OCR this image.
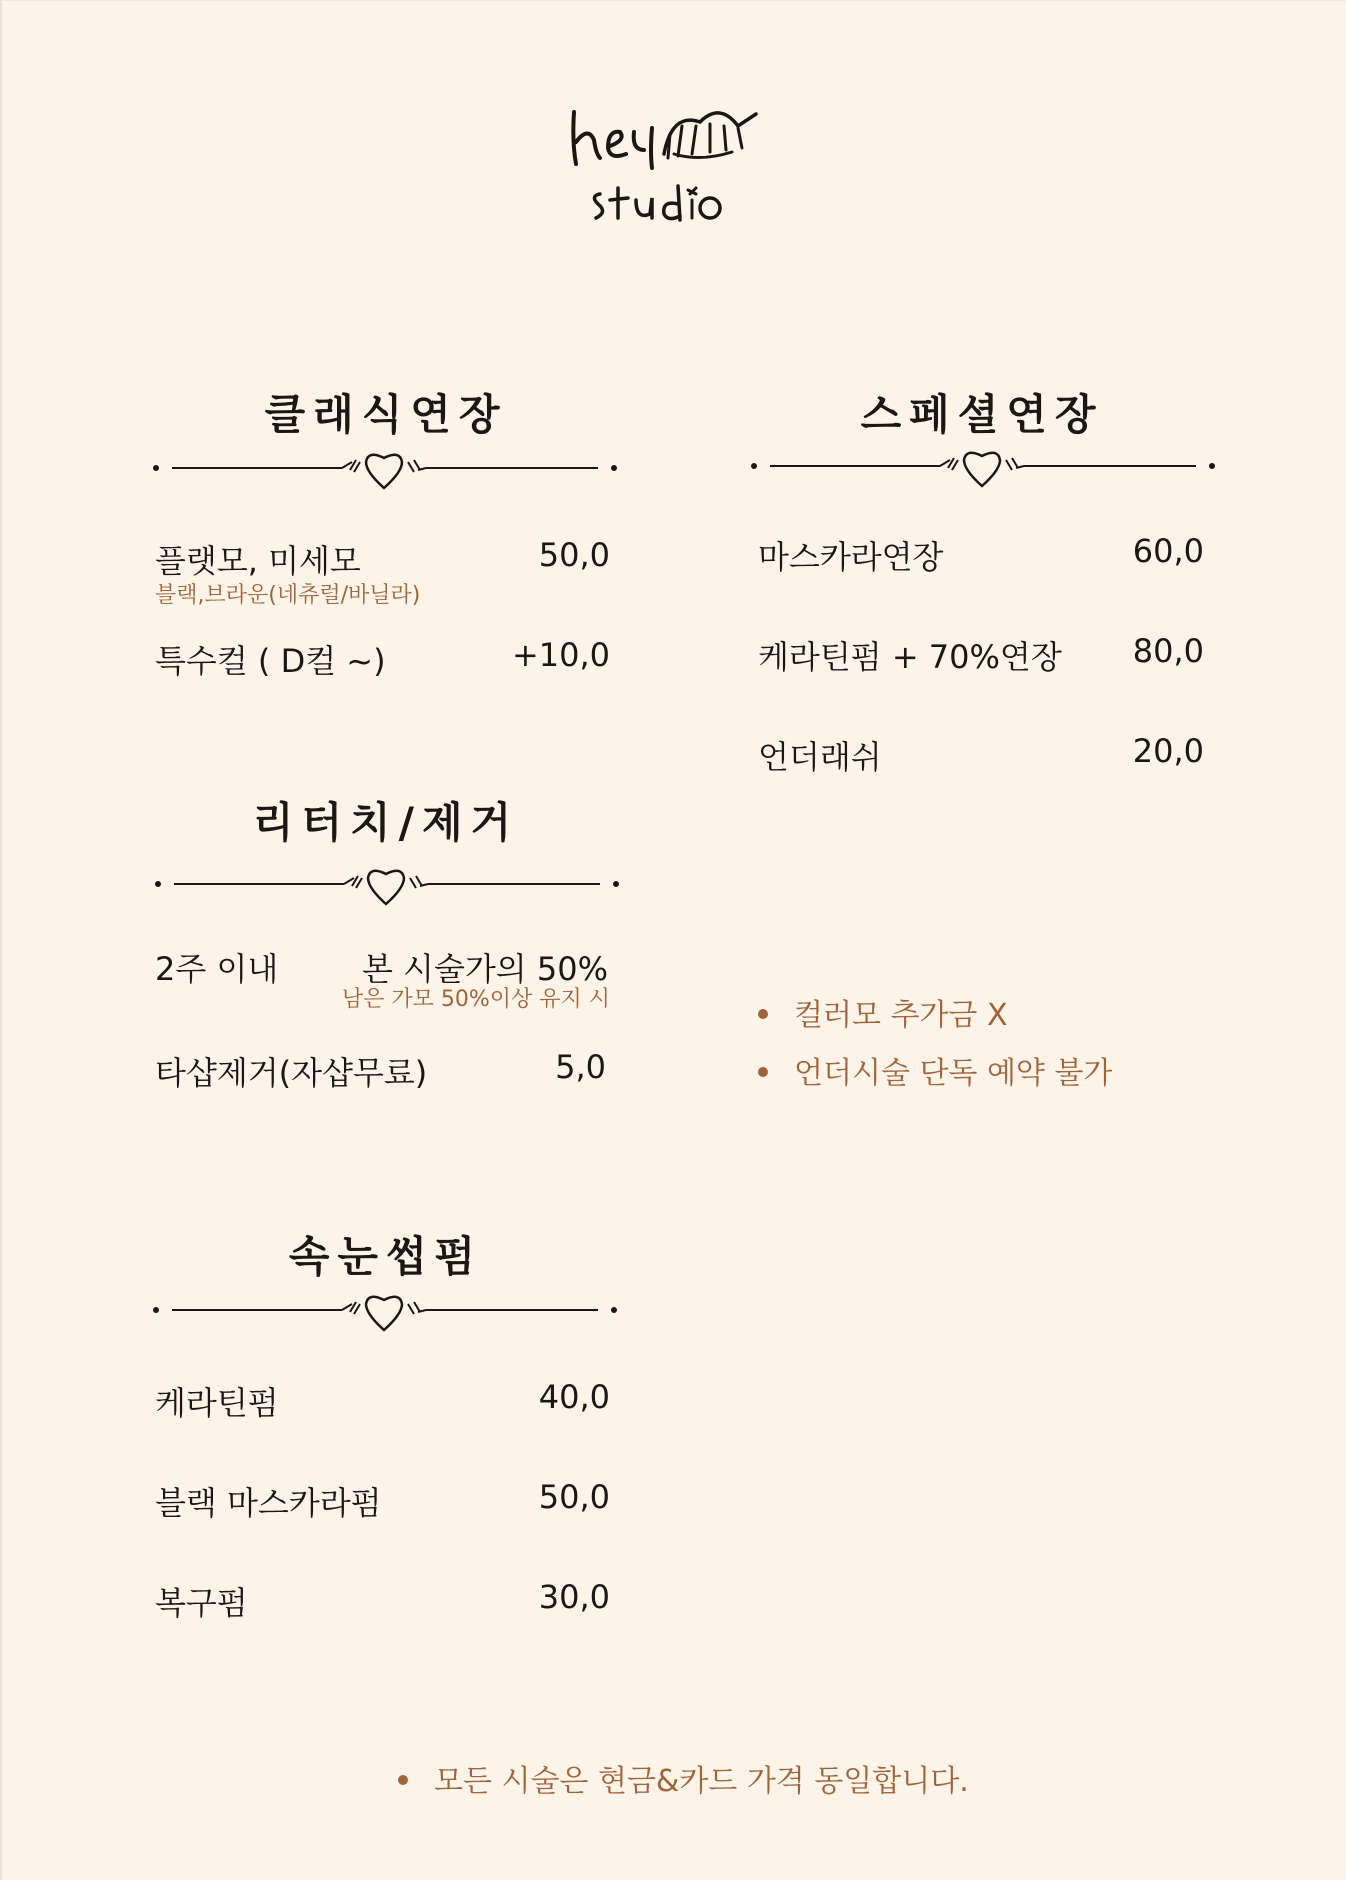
클래식연장
플랫모, 미세모	50,0
블랙,브라운(네츄럴/바닐라)
특수컬 ( D컬 ~)	+10,0
스페셜연장
마스카라연장	60,0
케라틴펌 + 70%연장	80,0
언더래쉬	20,0
리터치/제거
2주 이내	본 시술가의 50%
남은 가모 50%이상 유지 시
타샵제거(자샵무료)	5,0
컬러모 추가금 X
언더시술 단독 예약 불가
속눈썹펌
케라틴펌	40,0
블랙 마스카라펌	50,0
복구펌	30,0
모든 시술은 현금&카드 가격 동일합니다.
